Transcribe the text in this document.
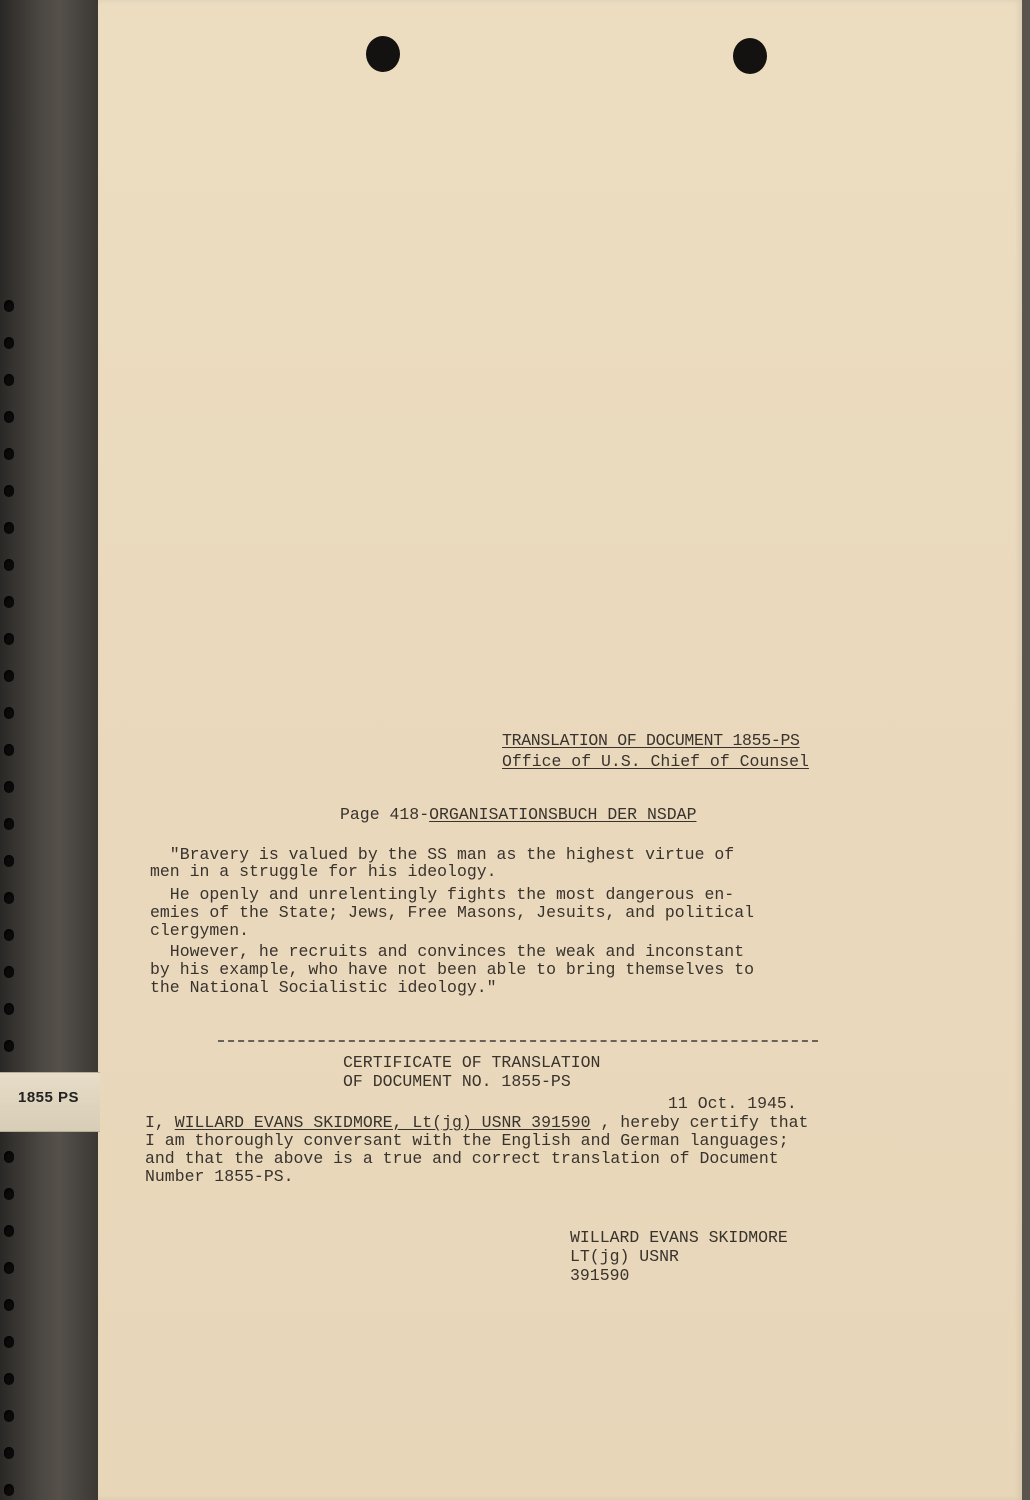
1855 PS
TRANSLATION OF DOCUMENT 1855-PS
Office of U.S. Chief of Counsel
Page 418-ORGANISATIONSBUCH DER NSDAP
"Bravery is valued by the SS man as the highest virtue of
men in a struggle for his ideology.
He openly and unrelentingly fights the most dangerous en-
emies of the State; Jews, Free Masons, Jesuits, and political
clergymen.
However, he recruits and convinces the weak and inconstant
by his example, who have not been able to bring themselves to
the National Socialistic ideology."
CERTIFICATE OF TRANSLATION
OF DOCUMENT NO. 1855-PS
11 Oct. 1945.
I, WILLARD EVANS SKIDMORE, Lt(jg) USNR 391590 , hereby certify that
I am thoroughly conversant with the English and German languages;
and that the above is a true and correct translation of Document
Number 1855-PS.
WILLARD EVANS SKIDMORE
LT(jg) USNR
391590
